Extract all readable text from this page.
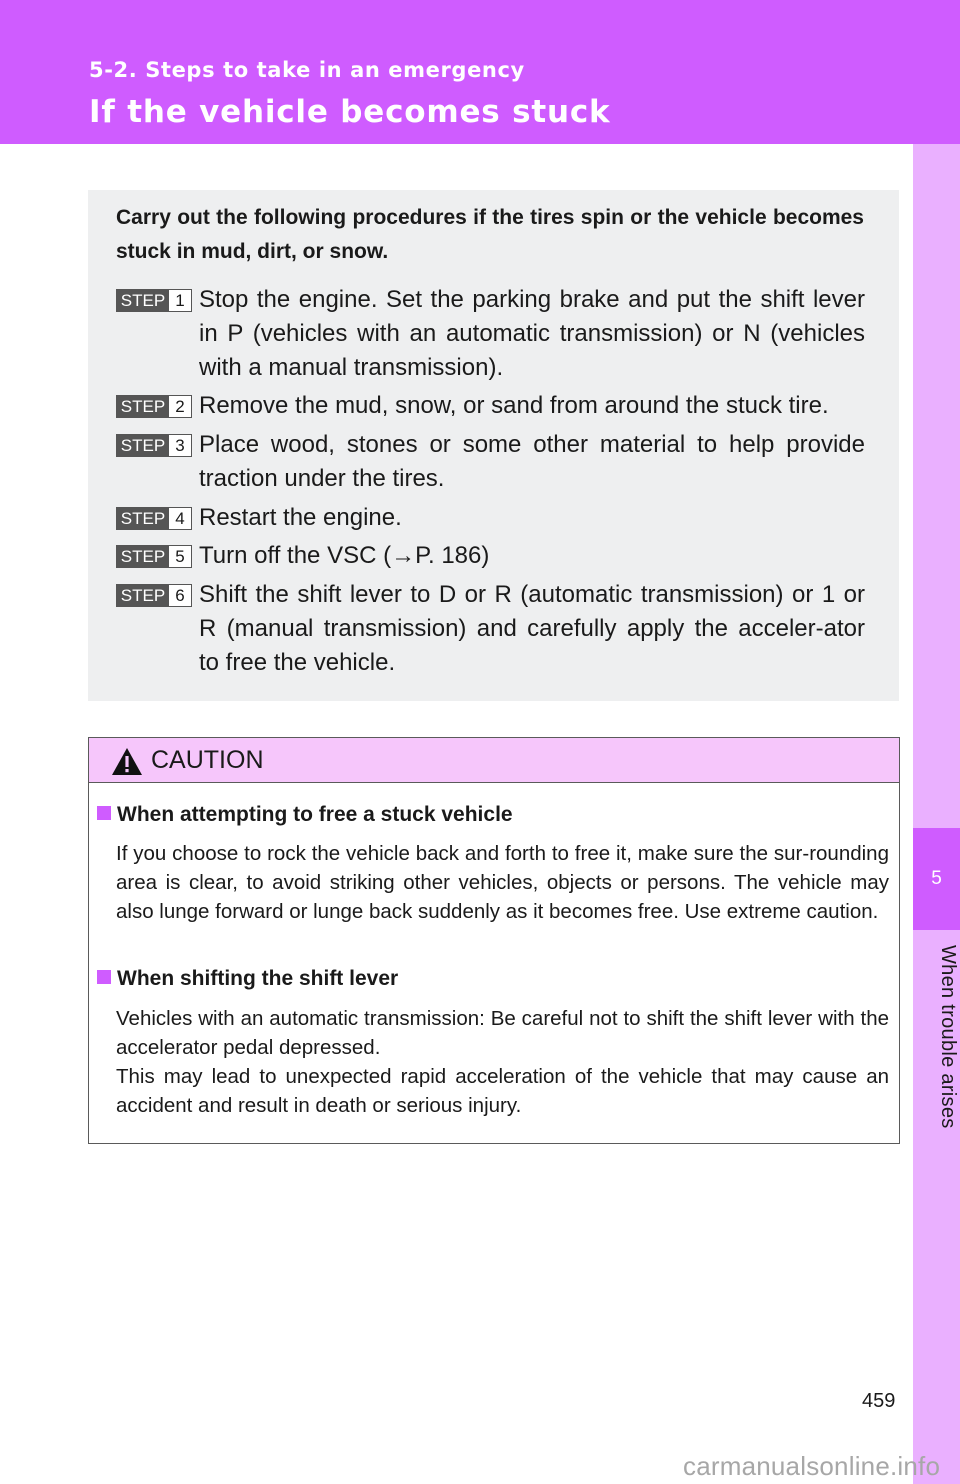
5-2. Steps to take in an emergency
If the vehicle becomes stuck
5
When trouble arises
Carry out the following procedures if the tires spin or the vehicle becomes stuck in mud, dirt, or snow.
STEP 1 Stop the engine. Set the parking brake and put the shift lever in P (vehicles with an automatic transmission) or N (vehicles with a manual transmission).
STEP 2 Remove the mud, snow, or sand from around the stuck tire.
STEP 3 Place wood, stones or some other material to help provide traction under the tires.
STEP 4 Restart the engine.
STEP 5 Turn off the VSC (→P. 186)
STEP 6 Shift the shift lever to D or R (automatic transmission) or 1 or R (manual transmission) and carefully apply the acceler-ator to free the vehicle.
CAUTION
When attempting to free a stuck vehicle
If you choose to rock the vehicle back and forth to free it, make sure the sur-rounding area is clear, to avoid striking other vehicles, objects or persons. The vehicle may also lunge forward or lunge back suddenly as it becomes free. Use extreme caution.
When shifting the shift lever
Vehicles with an automatic transmission: Be careful not to shift the shift lever with the accelerator pedal depressed.
This may lead to unexpected rapid acceleration of the vehicle that may cause an accident and result in death or serious injury.
459
carmanualsonline.info
